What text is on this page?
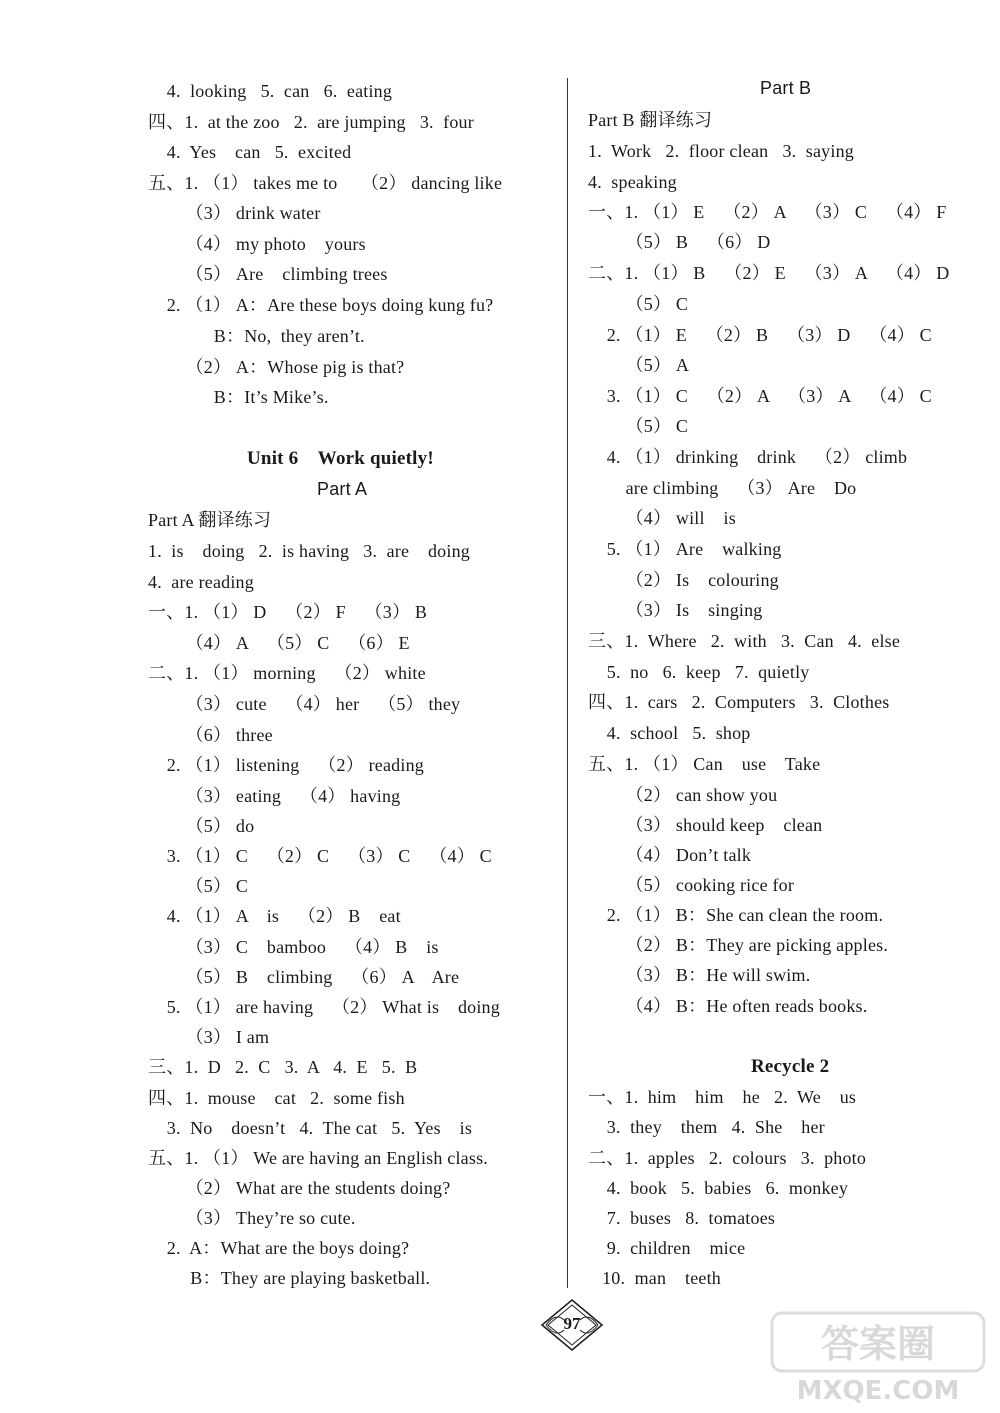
4.  looking   5.  can   6.  eating
四、1.  at the zoo   2.  are jumping   3.  four
4.  Yes    can   5.  excited
五、1. （1） takes me to     （2） dancing like
（3） drink water
（4） my photo    yours
（5） Are    climbing trees
2. （1） A：Are these boys doing kung fu?
B：No,  they aren’t.
（2） A：Whose pig is that?
B：It’s Mike’s.
Unit 6    Work quietly!
Part A
Part A 翻译练习
1.  is    doing   2.  is having   3.  are    doing
4.  are reading
一、1. （1） D    （2） F    （3） B
（4） A    （5） C    （6） E
二、1. （1） morning    （2） white
（3） cute    （4） her    （5） they
（6） three
2. （1） listening    （2） reading
（3） eating    （4） having
（5） do
3. （1） C    （2） C    （3） C    （4） C
（5） C
4. （1） A    is    （2） B    eat
（3） C    bamboo    （4） B    is
（5） B    climbing    （6） A    Are
5. （1） are having    （2） What is    doing
（3） I am
三、1.  D   2.  C   3.  A   4.  E   5.  B
四、1.  mouse    cat   2.  some fish
3.  No    doesn’t   4.  The cat   5.  Yes    is
五、1. （1） We are having an English class.
（2） What are the students doing?
（3） They’re so cute.
2.  A：What are the boys doing?
B：They are playing basketball.
Part B
Part B 翻译练习
1.  Work   2.  floor clean   3.  saying
4.  speaking
一、1. （1） E    （2） A    （3） C    （4） F
（5） B    （6） D
二、1. （1） B    （2） E    （3） A    （4） D
（5） C
2. （1） E    （2） B    （3） D    （4） C
（5） A
3. （1） C    （2） A    （3） A    （4） C
（5） C
4. （1） drinking    drink    （2） climb
are climbing    （3） Are    Do
（4） will    is
5. （1） Are    walking
（2） Is    colouring
（3） Is    singing
三、1.  Where   2.  with   3.  Can   4.  else
5.  no   6.  keep   7.  quietly
四、1.  cars   2.  Computers   3.  Clothes
4.  school   5.  shop
五、1. （1） Can    use    Take
（2） can show you
（3） should keep    clean
（4） Don’t talk
（5） cooking rice for
2. （1） B：She can clean the room.
（2） B：They are picking apples.
（3） B：He will swim.
（4） B：He often reads books.
Recycle 2
一、1.  him    him    he   2.  We    us
3.  they    them   4.  She    her
二、1.  apples   2.  colours   3.  photo
4.  book   5.  babies   6.  monkey
7.  buses   8.  tomatoes
9.  children    mice
10.  man    teeth
97	答案圈
MXQE.COM
